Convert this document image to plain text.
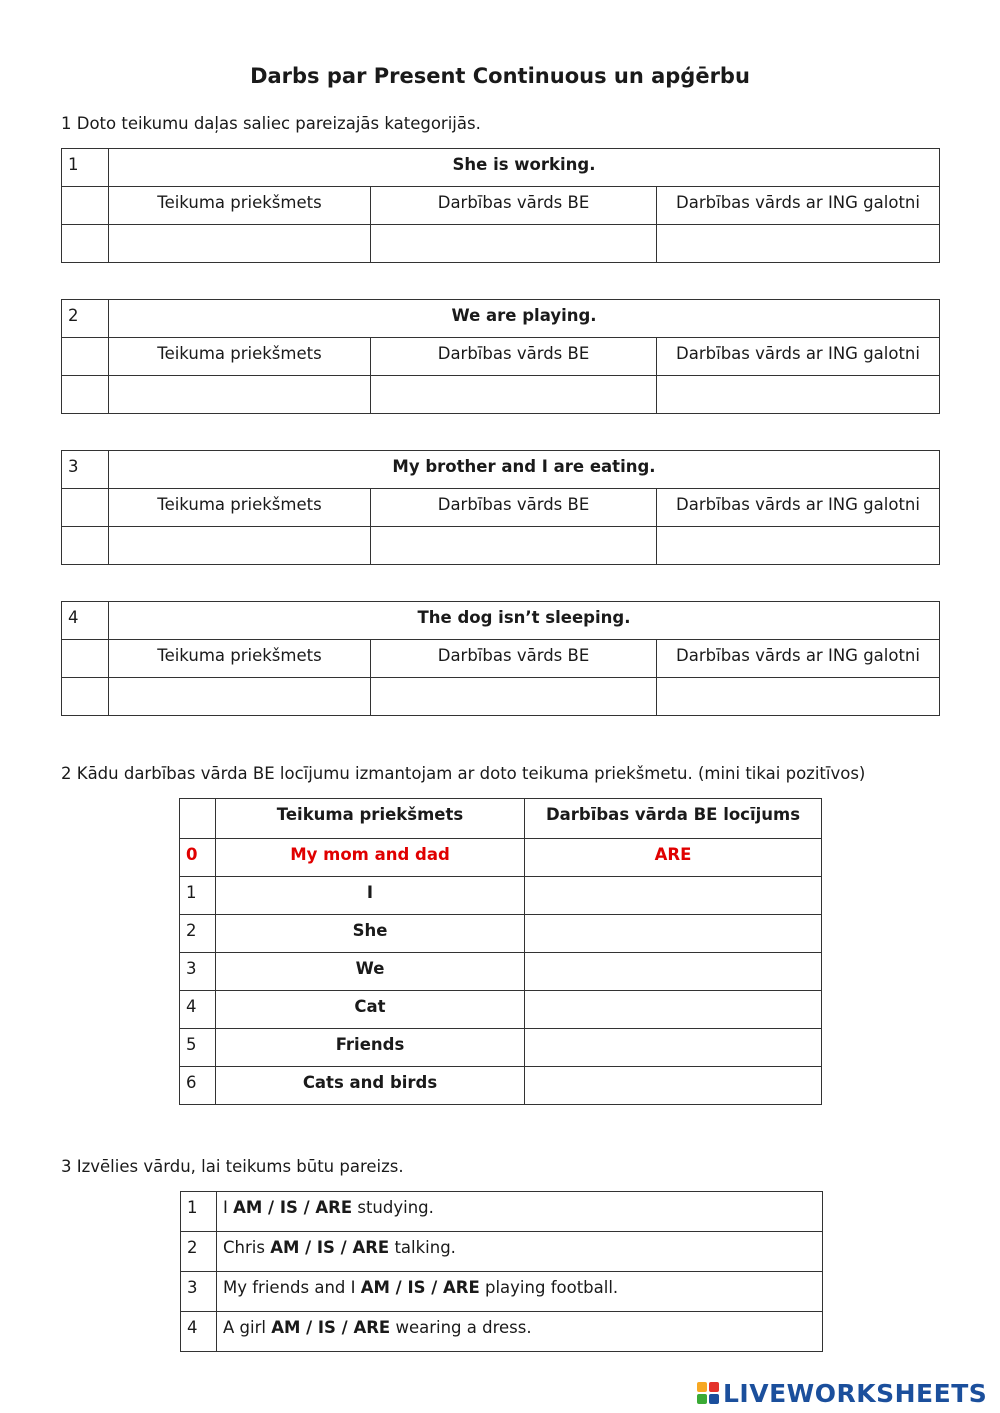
Darbs par Present Continuous un apģērbu
1 Doto teikumu daļas saliec pareizajās kategorijās.
1	She is working.		
	Teikuma priekšmets	Darbības vārds BE	Darbības vārds ar ING galotni

2	We are playing.		
	Teikuma priekšmets	Darbības vārds BE	Darbības vārds ar ING galotni

3	My brother and I are eating.		
	Teikuma priekšmets	Darbības vārds BE	Darbības vārds ar ING galotni

4	The dog isn’t sleeping.		
	Teikuma priekšmets	Darbības vārds BE	Darbības vārds ar ING galotni

2 Kādu darbības vārda BE locījumu izmantojam ar doto teikuma priekšmetu. (mini tikai pozitīvos)
	Teikuma priekšmets	Darbības vārda BE locījums
0	My mom and dad	ARE
1	I	
2	She	
3	We	
4	Cat	
5	Friends	
6	Cats and birds	
3 Izvēlies vārdu, lai teikums būtu pareizs.
1	I AM / IS / ARE studying.
2	Chris AM / IS / ARE talking.
3	My friends and I AM / IS / ARE playing football.
4	A girl AM / IS / ARE wearing a dress.
LIVEWORKSHEETS
